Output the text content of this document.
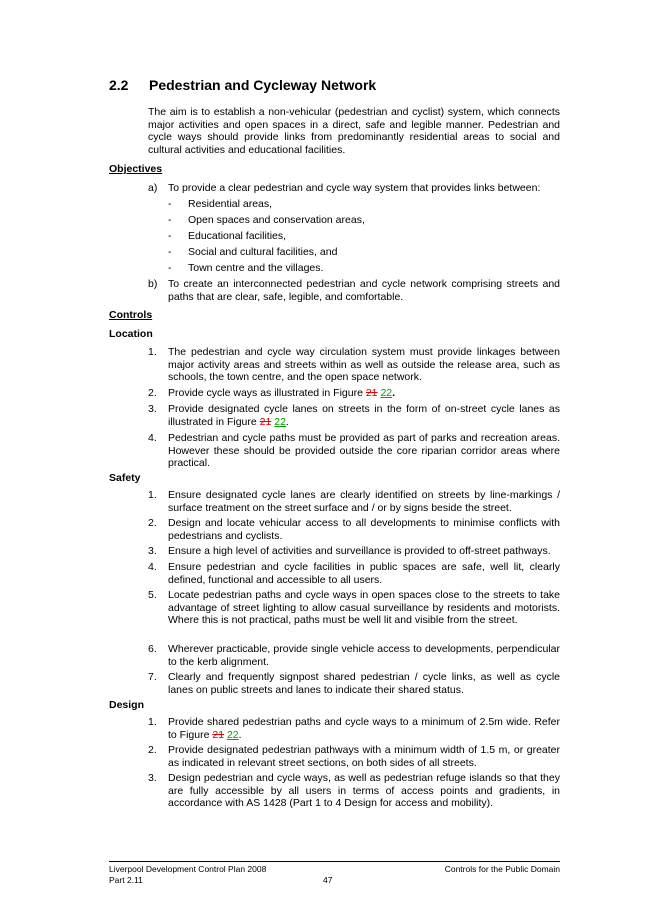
2.2 Pedestrian and Cycleway Network
The aim is to establish a non-vehicular (pedestrian and cyclist) system, which connects major activities and open spaces in a direct, safe and legible manner. Pedestrian and cycle ways should provide links from predominantly residential areas to social and cultural activities and educational facilities.
Objectives
a)	To provide a clear pedestrian and cycle way system that provides links between:
- Residential areas,
- Open spaces and conservation areas,
- Educational facilities,
- Social and cultural facilities, and
- Town centre and the villages.
b)	To create an interconnected pedestrian and cycle network comprising streets and paths that are clear, safe, legible, and comfortable.
Controls
Location
1.	The pedestrian and cycle way circulation system must provide linkages between major activity areas and streets within as well as outside the release area, such as schools, the town centre, and the open space network.
2.	Provide cycle ways as illustrated in Figure 21 22.
3.	Provide designated cycle lanes on streets in the form of on-street cycle lanes as illustrated in Figure 21 22.
4.	Pedestrian and cycle paths must be provided as part of parks and recreation areas. However these should be provided outside the core riparian corridor areas where practical.
Safety
1.	Ensure designated cycle lanes are clearly identified on streets by line-markings / surface treatment on the street surface and / or by signs beside the street.
2.	Design and locate vehicular access to all developments to minimise conflicts with pedestrians and cyclists.
3.	Ensure a high level of activities and surveillance is provided to off-street pathways.
4.	Ensure pedestrian and cycle facilities in public spaces are safe, well lit, clearly defined, functional and accessible to all users.
5.	Locate pedestrian paths and cycle ways in open spaces close to the streets to take advantage of street lighting to allow casual surveillance by residents and motorists. Where this is not practical, paths must be well lit and visible from the street.
6.	Wherever practicable, provide single vehicle access to developments, perpendicular to the kerb alignment.
7.	Clearly and frequently signpost shared pedestrian / cycle links, as well as cycle lanes on public streets and lanes to indicate their shared status.
Design
1.	Provide shared pedestrian paths and cycle ways to a minimum of 2.5m wide. Refer to Figure 21 22.
2.	Provide designated pedestrian pathways with a minimum width of 1.5 m, or greater as indicated in relevant street sections, on both sides of all streets.
3.	Design pedestrian and cycle ways, as well as pedestrian refuge islands so that they are fully accessible by all users in terms of access points and gradients, in accordance with AS 1428 (Part 1 to 4 Design for access and mobility).
Liverpool Development Control Plan 2008
Part 2.11	47
Controls for the Public Domain
